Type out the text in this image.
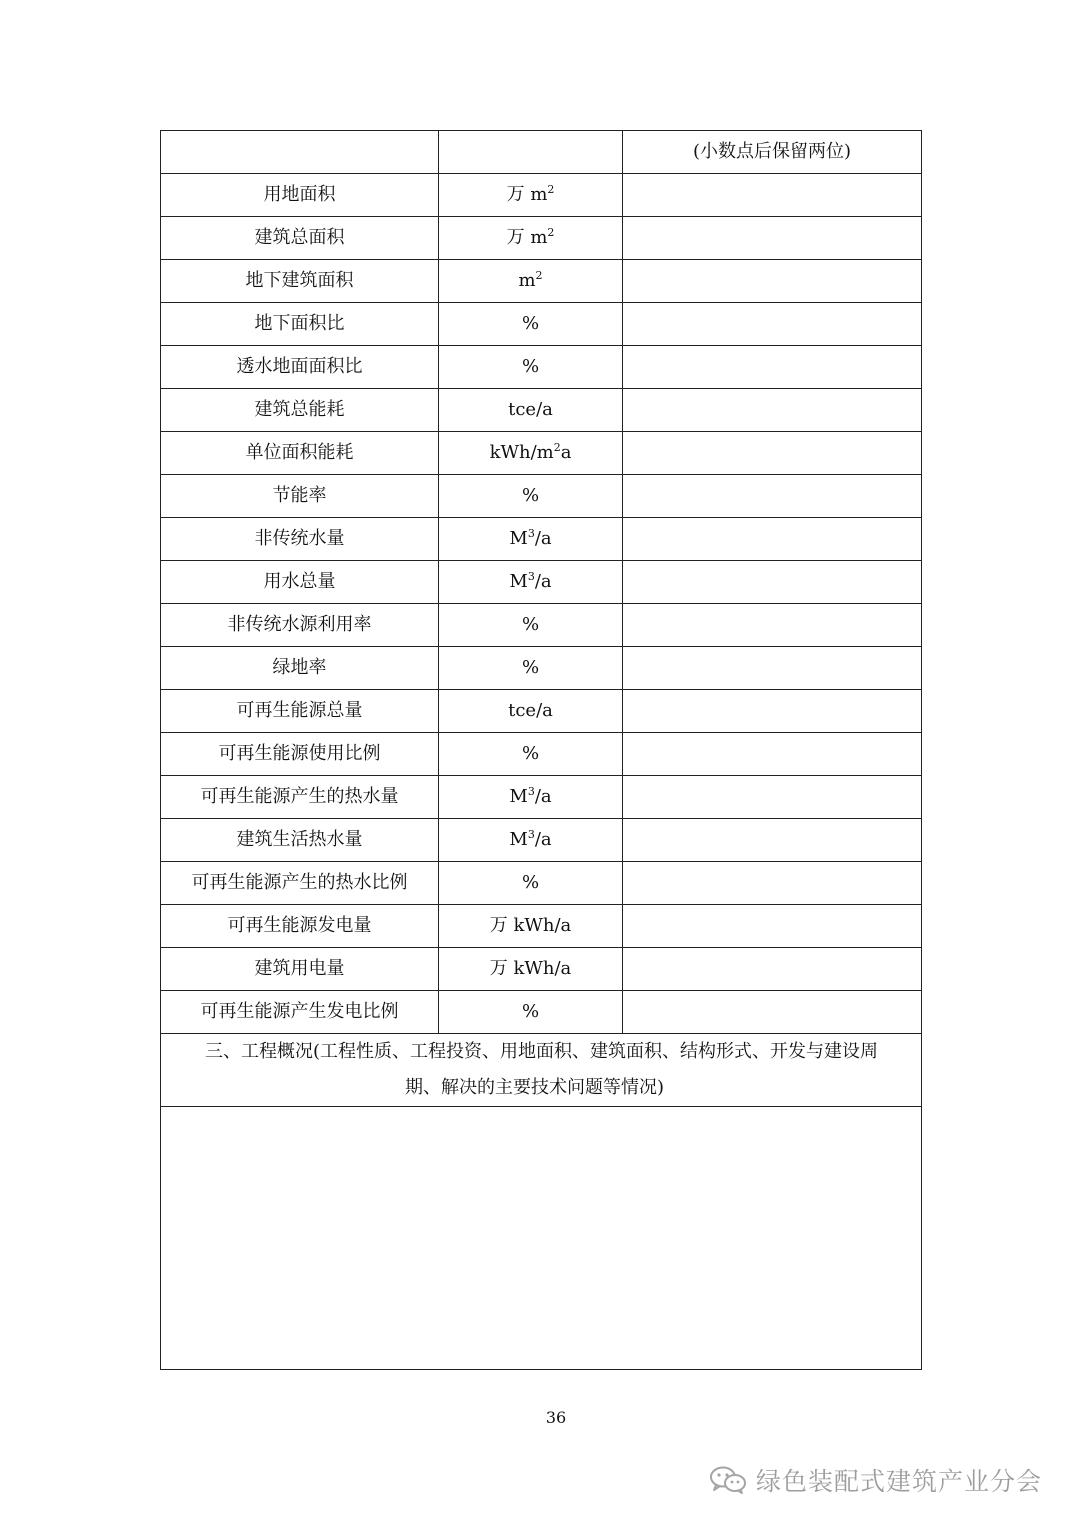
		(小数点后保留两位)
用地面积	万 $m^2$	
建筑总面积	万 $m^2$	
地下建筑面积	$m^2$	
地下面积比	%	
透水地面面积比	%	
建筑总能耗	tce/a	
单位面积能耗	kWh/$m^2a$	
节能率	%	
非传统水量	$M^3/a$	
用水总量	$M^3/a$	
非传统水源利用率	%	
绿地率	%	
可再生能源总量	tce/a	
可再生能源使用比例	%	
可再生能源产生的热水量	$M^3/a$	
建筑生活热水量	$M^3/a$	
可再生能源产生的热水比例	%	
可再生能源发电量	万 kWh/a	
建筑用电量	万 kWh/a	
可再生能源产生发电比例	%	
三、工程概况(工程性质、工程投资、用地面积、建筑面积、结构形式、开发与建设周
期、解决的主要技术问题等情况)		

36
绿色装配式建筑产业分会
